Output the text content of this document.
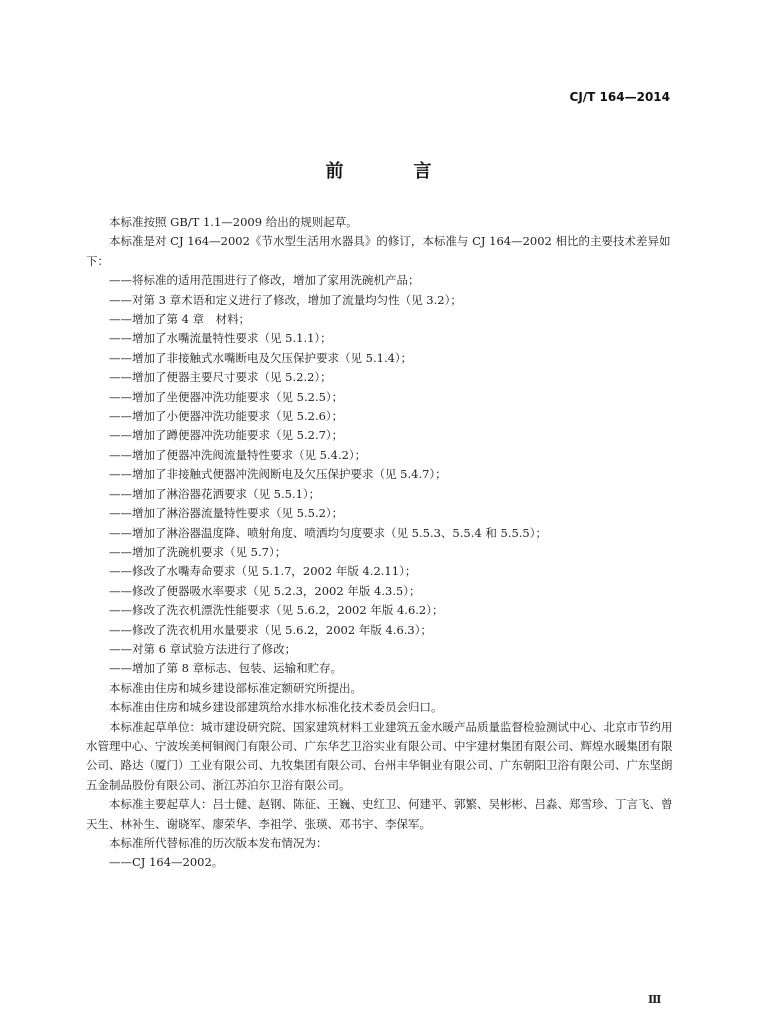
CJ/T 164—2014
前　言

本标准按照 GB/T 1.1—2009 给出的规则起草。

本标准是对 CJ 164—2002《节水型生活用水器具》的修订，本标准与 CJ 164—2002 相比的主要技术差异如下：

——将标准的适用范围进行了修改，增加了家用洗碗机产品；

——对第 3 章术语和定义进行了修改，增加了流量均匀性（见 3.2）；

——增加了第 4 章　材料；

——增加了水嘴流量特性要求（见 5.1.1）；

——增加了非接触式水嘴断电及欠压保护要求（见 5.1.4）；

——增加了便器主要尺寸要求（见 5.2.2）；

——增加了坐便器冲洗功能要求（见 5.2.5）；

——增加了小便器冲洗功能要求（见 5.2.6）；

——增加了蹲便器冲洗功能要求（见 5.2.7）；

——增加了便器冲洗阀流量特性要求（见 5.4.2）；

——增加了非接触式便器冲洗阀断电及欠压保护要求（见 5.4.7）；

——增加了淋浴器花洒要求（见 5.5.1）；

——增加了淋浴器流量特性要求（见 5.5.2）；

——增加了淋浴器温度降、喷射角度、喷洒均匀度要求（见 5.5.3、5.5.4 和 5.5.5）；

——增加了洗碗机要求（见 5.7）；

——修改了水嘴寿命要求（见 5.1.7，2002 年版 4.2.11）；

——修改了便器吸水率要求（见 5.2.3，2002 年版 4.3.5）；

——修改了洗衣机漂洗性能要求（见 5.6.2，2002 年版 4.6.2）；

——修改了洗衣机用水量要求（见 5.6.2，2002 年版 4.6.3）；

——对第 6 章试验方法进行了修改；

——增加了第 8 章标志、包装、运输和贮存。

本标准由住房和城乡建设部标准定额研究所提出。

本标准由住房和城乡建设部建筑给水排水标准化技术委员会归口。

本标准起草单位：城市建设研究院、国家建筑材料工业建筑五金水暖产品质量监督检验测试中心、北京市节约用水管理中心、宁波埃美柯铜阀门有限公司、广东华艺卫浴实业有限公司、中宇建材集团有限公司、辉煌水暖集团有限公司、路达（厦门）工业有限公司、九牧集团有限公司、台州丰华铜业有限公司、广东朝阳卫浴有限公司、广东坚朗五金制品股份有限公司、浙江苏泊尔卫浴有限公司。

本标准主要起草人：吕士健、赵钢、陈征、王巍、史红卫、何建平、郭繁、吴彬彬、吕淼、郑雪珍、丁言飞、曾天生、林补生、谢晓军、廖荣华、李祖学、张瑛、邓书宇、李保军。

本标准所代替标准的历次版本发布情况为：

——CJ 164—2002。

Ⅲ
